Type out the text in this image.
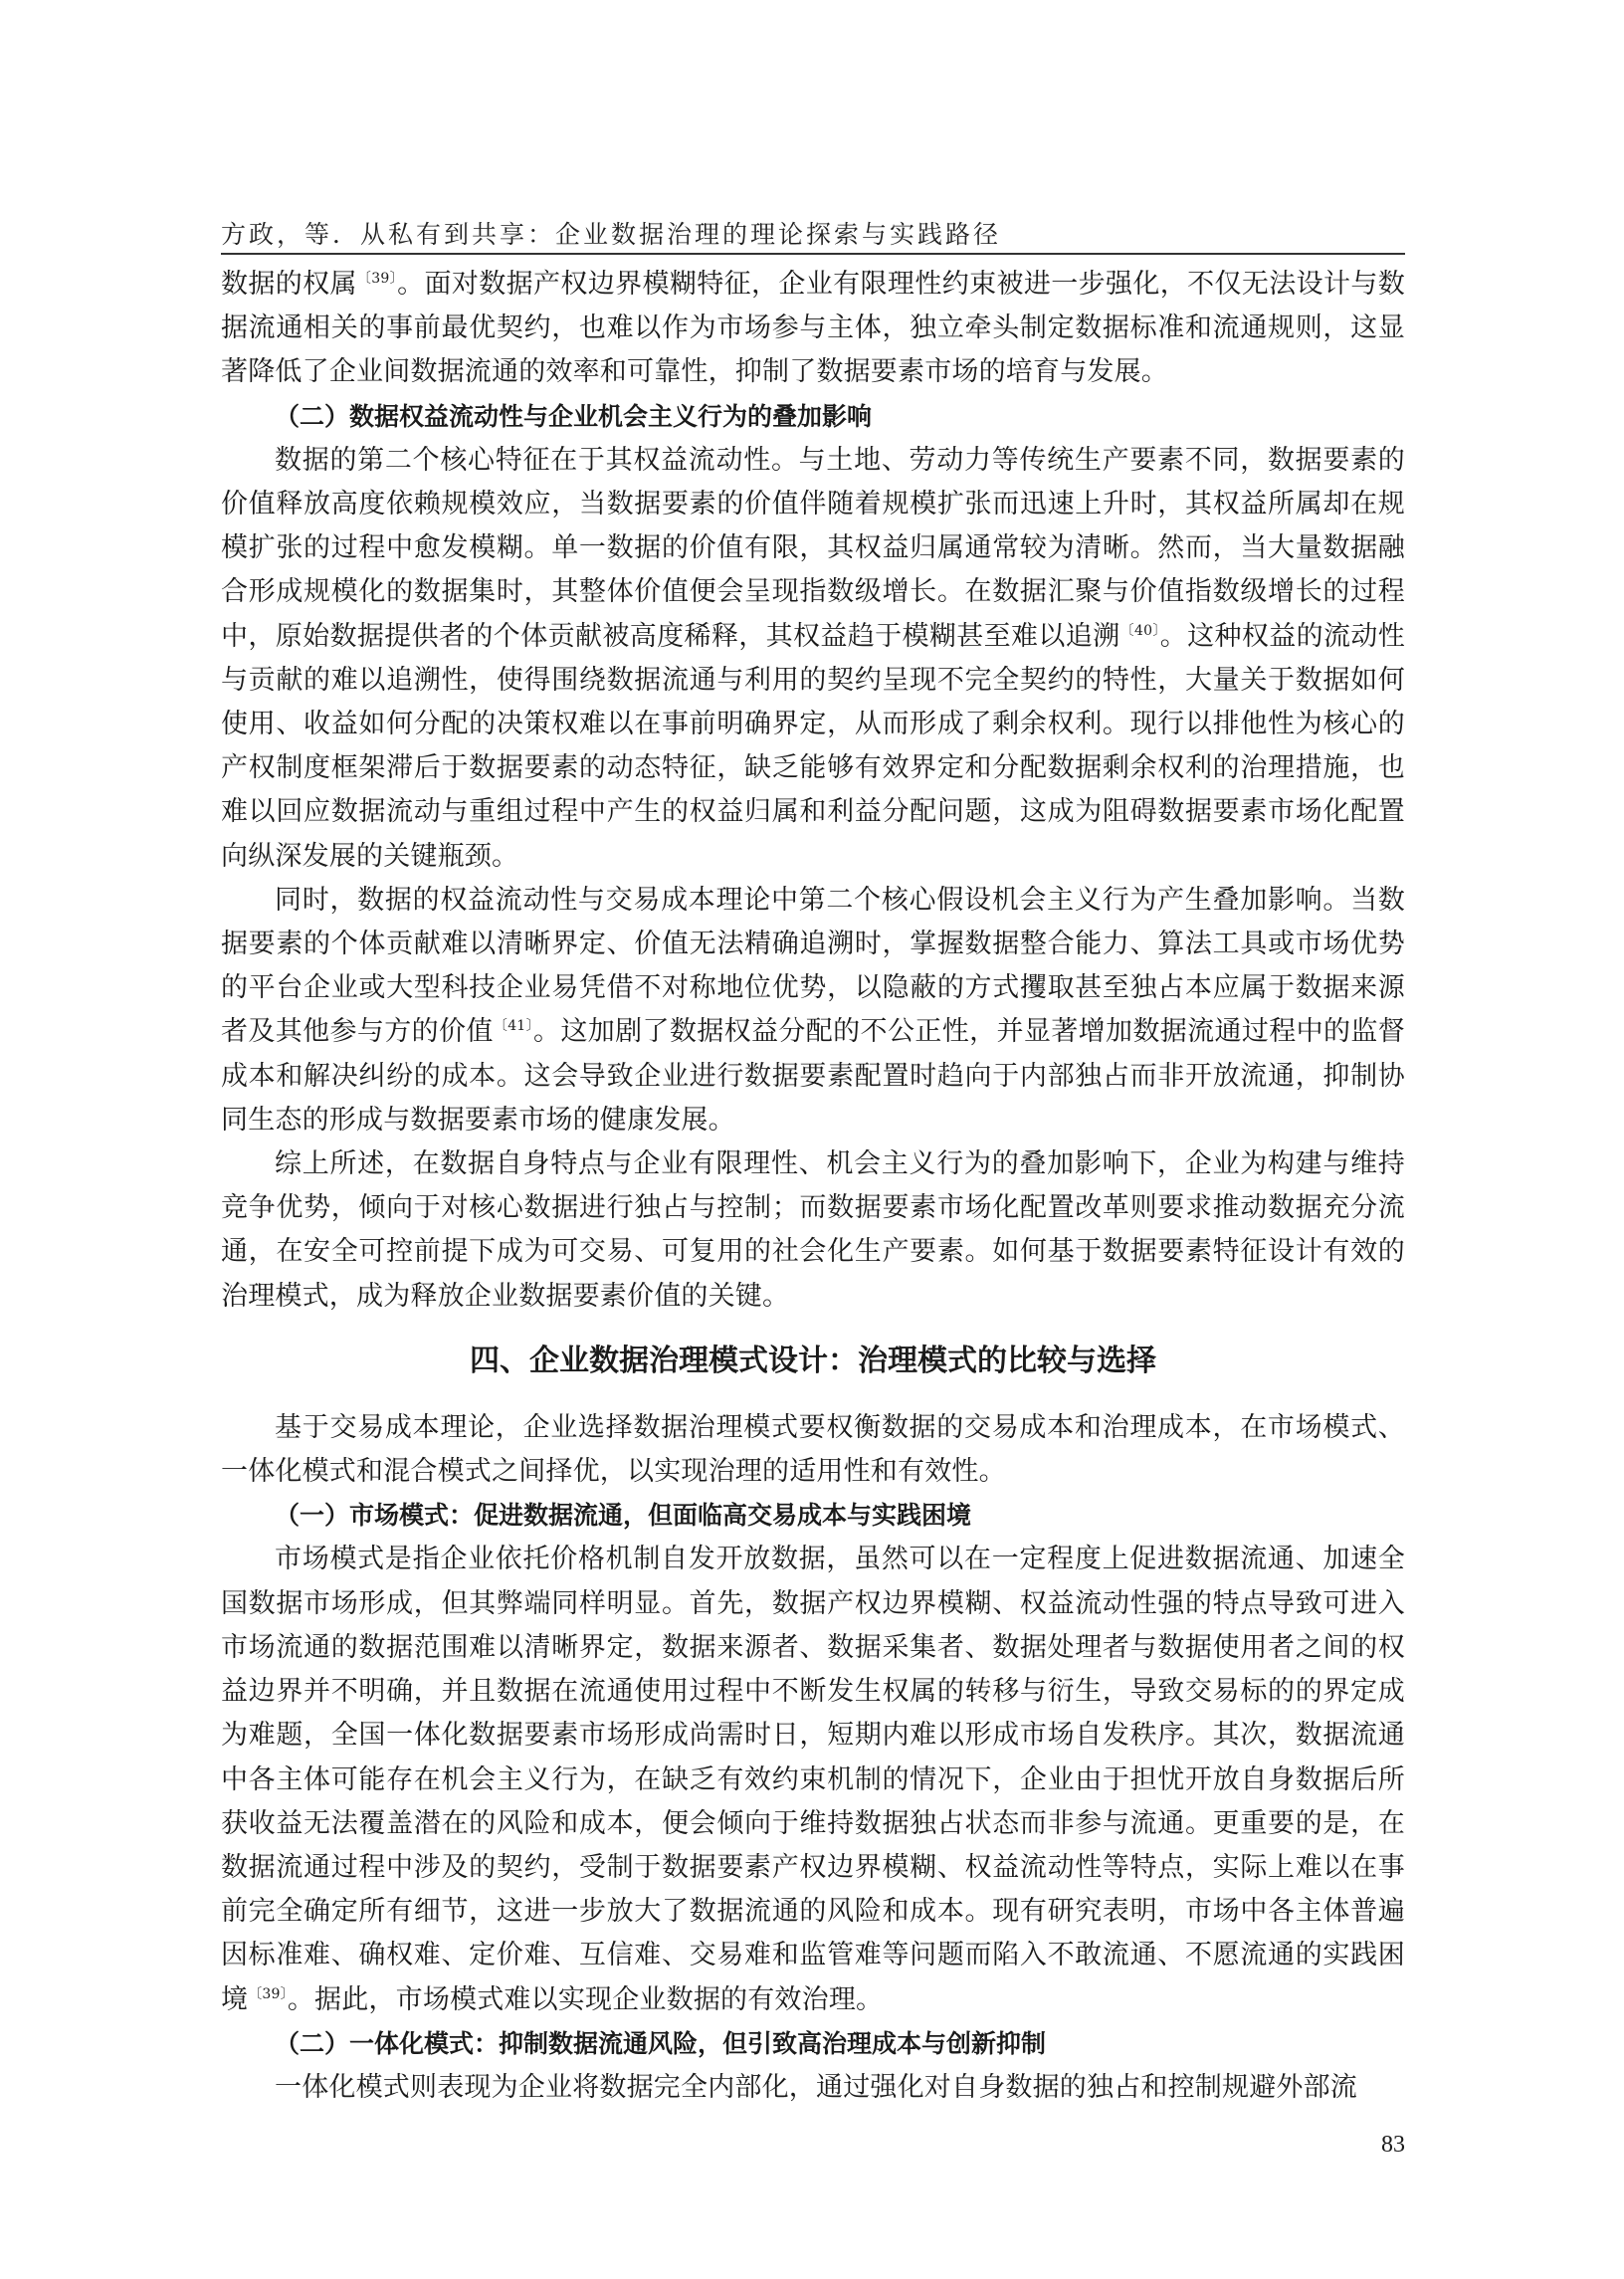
方政，等．从私有到共享：企业数据治理的理论探索与实践路径

数据的权属$^{〔39〕}$。面对数据产权边界模糊特征，企业有限理性约束被进一步强化，不仅无法设计与数据流通相关的事前最优契约，也难以作为市场参与主体，独立牵头制定数据标准和流通规则，这显著降低了企业间数据流通的效率和可靠性，抑制了数据要素市场的培育与发展。

（二）数据权益流动性与企业机会主义行为的叠加影响

数据的第二个核心特征在于其权益流动性。与土地、劳动力等传统生产要素不同，数据要素的价值释放高度依赖规模效应，当数据要素的价值伴随着规模扩张而迅速上升时，其权益所属却在规模扩张的过程中愈发模糊。单一数据的价值有限，其权益归属通常较为清晰。然而，当大量数据融合形成规模化的数据集时，其整体价值便会呈现指数级增长。在数据汇聚与价值指数级增长的过程中，原始数据提供者的个体贡献被高度稀释，其权益趋于模糊甚至难以追溯$^{〔40〕}$。这种权益的流动性与贡献的难以追溯性，使得围绕数据流通与利用的契约呈现不完全契约的特性，大量关于数据如何使用、收益如何分配的决策权难以在事前明确界定，从而形成了剩余权利。现行以排他性为核心的产权制度框架滞后于数据要素的动态特征，缺乏能够有效界定和分配数据剩余权利的治理措施，也难以回应数据流动与重组过程中产生的权益归属和利益分配问题，这成为阻碍数据要素市场化配置向纵深发展的关键瓶颈。

同时，数据的权益流动性与交易成本理论中第二个核心假设机会主义行为产生叠加影响。当数据要素的个体贡献难以清晰界定、价值无法精确追溯时，掌握数据整合能力、算法工具或市场优势的平台企业或大型科技企业易凭借不对称地位优势，以隐蔽的方式攫取甚至独占本应属于数据来源者及其他参与方的价值$^{〔41〕}$。这加剧了数据权益分配的不公正性，并显著增加数据流通过程中的监督成本和解决纠纷的成本。这会导致企业进行数据要素配置时趋向于内部独占而非开放流通，抑制协同生态的形成与数据要素市场的健康发展。

综上所述，在数据自身特点与企业有限理性、机会主义行为的叠加影响下，企业为构建与维持竞争优势，倾向于对核心数据进行独占与控制；而数据要素市场化配置改革则要求推动数据充分流通，在安全可控前提下成为可交易、可复用的社会化生产要素。如何基于数据要素特征设计有效的治理模式，成为释放企业数据要素价值的关键。

四、企业数据治理模式设计：治理模式的比较与选择

基于交易成本理论，企业选择数据治理模式要权衡数据的交易成本和治理成本，在市场模式、一体化模式和混合模式之间择优，以实现治理的适用性和有效性。

（一）市场模式：促进数据流通，但面临高交易成本与实践困境

市场模式是指企业依托价格机制自发开放数据，虽然可以在一定程度上促进数据流通、加速全国数据市场形成，但其弊端同样明显。首先，数据产权边界模糊、权益流动性强的特点导致可进入市场流通的数据范围难以清晰界定，数据来源者、数据采集者、数据处理者与数据使用者之间的权益边界并不明确，并且数据在流通使用过程中不断发生权属的转移与衍生，导致交易标的的界定成为难题，全国一体化数据要素市场形成尚需时日，短期内难以形成市场自发秩序。其次，数据流通中各主体可能存在机会主义行为，在缺乏有效约束机制的情况下，企业由于担忧开放自身数据后所获收益无法覆盖潜在的风险和成本，便会倾向于维持数据独占状态而非参与流通。更重要的是，在数据流通过程中涉及的契约，受制于数据要素产权边界模糊、权益流动性等特点，实际上难以在事前完全确定所有细节，这进一步放大了数据流通的风险和成本。现有研究表明，市场中各主体普遍因标准难、确权难、定价难、互信难、交易难和监管难等问题而陷入不敢流通、不愿流通的实践困境$^{〔39〕}$。据此，市场模式难以实现企业数据的有效治理。

（二）一体化模式：抑制数据流通风险，但引致高治理成本与创新抑制

一体化模式则表现为企业将数据完全内部化，通过强化对自身数据的独占和控制规避外部流

83
